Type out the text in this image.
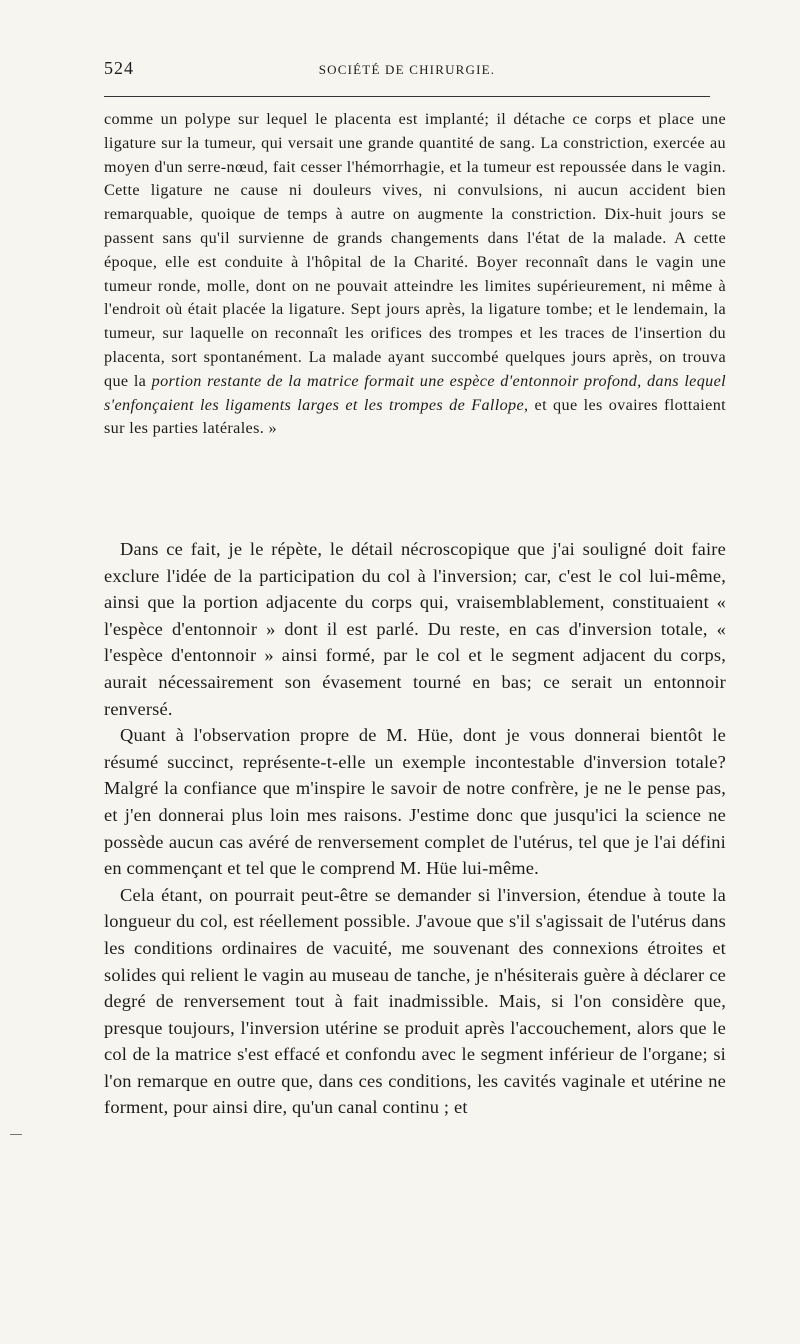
524	SOCIÉTÉ DE CHIRURGIE.

comme un polype sur lequel le placenta est implanté; il détache ce corps et place une ligature sur la tumeur, qui versait une grande quantité de sang. La constriction, exercée au moyen d'un serre-nœud, fait cesser l'hémorrhagie, et la tumeur est repoussée dans le vagin. Cette ligature ne cause ni douleurs vives, ni convulsions, ni aucun accident bien remarquable, quoique de temps à autre on augmente la constriction. Dix-huit jours se passent sans qu'il survienne de grands changements dans l'état de la malade. A cette époque, elle est conduite à l'hôpital de la Charité. Boyer reconnaît dans le vagin une tumeur ronde, molle, dont on ne pouvait atteindre les limites supérieurement, ni même à l'endroit où était placée la ligature. Sept jours après, la ligature tombe; et le lendemain, la tumeur, sur laquelle on reconnaît les orifices des trompes et les traces de l'insertion du placenta, sort spontanément. La malade ayant succombé quelques jours après, on trouva que la portion restante de la matrice formait une espèce d'entonnoir profond, dans lequel s'enfonçaient les ligaments larges et les trompes de Fallope, et que les ovaires flottaient sur les parties latérales. »

Dans ce fait, je le répète, le détail nécroscopique que j'ai souligné doit faire exclure l'idée de la participation du col à l'inversion; car, c'est le col lui-même, ainsi que la portion adjacente du corps qui, vraisemblablement, constituaient « l'espèce d'entonnoir » dont il est parlé. Du reste, en cas d'inversion totale, « l'espèce d'entonnoir » ainsi formé, par le col et le segment adjacent du corps, aurait nécessairement son évasement tourné en bas; ce serait un entonnoir renversé.

Quant à l'observation propre de M. Hüe, dont je vous donnerai bientôt le résumé succinct, représente-t-elle un exemple incontestable d'inversion totale? Malgré la confiance que m'inspire le savoir de notre confrère, je ne le pense pas, et j'en donnerai plus loin mes raisons. J'estime donc que jusqu'ici la science ne possède aucun cas avéré de renversement complet de l'utérus, tel que je l'ai défini en commençant et tel que le comprend M. Hüe lui-même.

Cela étant, on pourrait peut-être se demander si l'inversion, étendue à toute la longueur du col, est réellement possible. J'avoue que s'il s'agissait de l'utérus dans les conditions ordinaires de vacuité, me souvenant des connexions étroites et solides qui relient le vagin au museau de tanche, je n'hésiterais guère à déclarer ce degré de renversement tout à fait inadmissible. Mais, si l'on considère que, presque toujours, l'inversion utérine se produit après l'accouchement, alors que le col de la matrice s'est effacé et confondu avec le segment inférieur de l'organe; si l'on remarque en outre que, dans ces conditions, les cavités vaginale et utérine ne forment, pour ainsi dire, qu'un canal continu ; et
